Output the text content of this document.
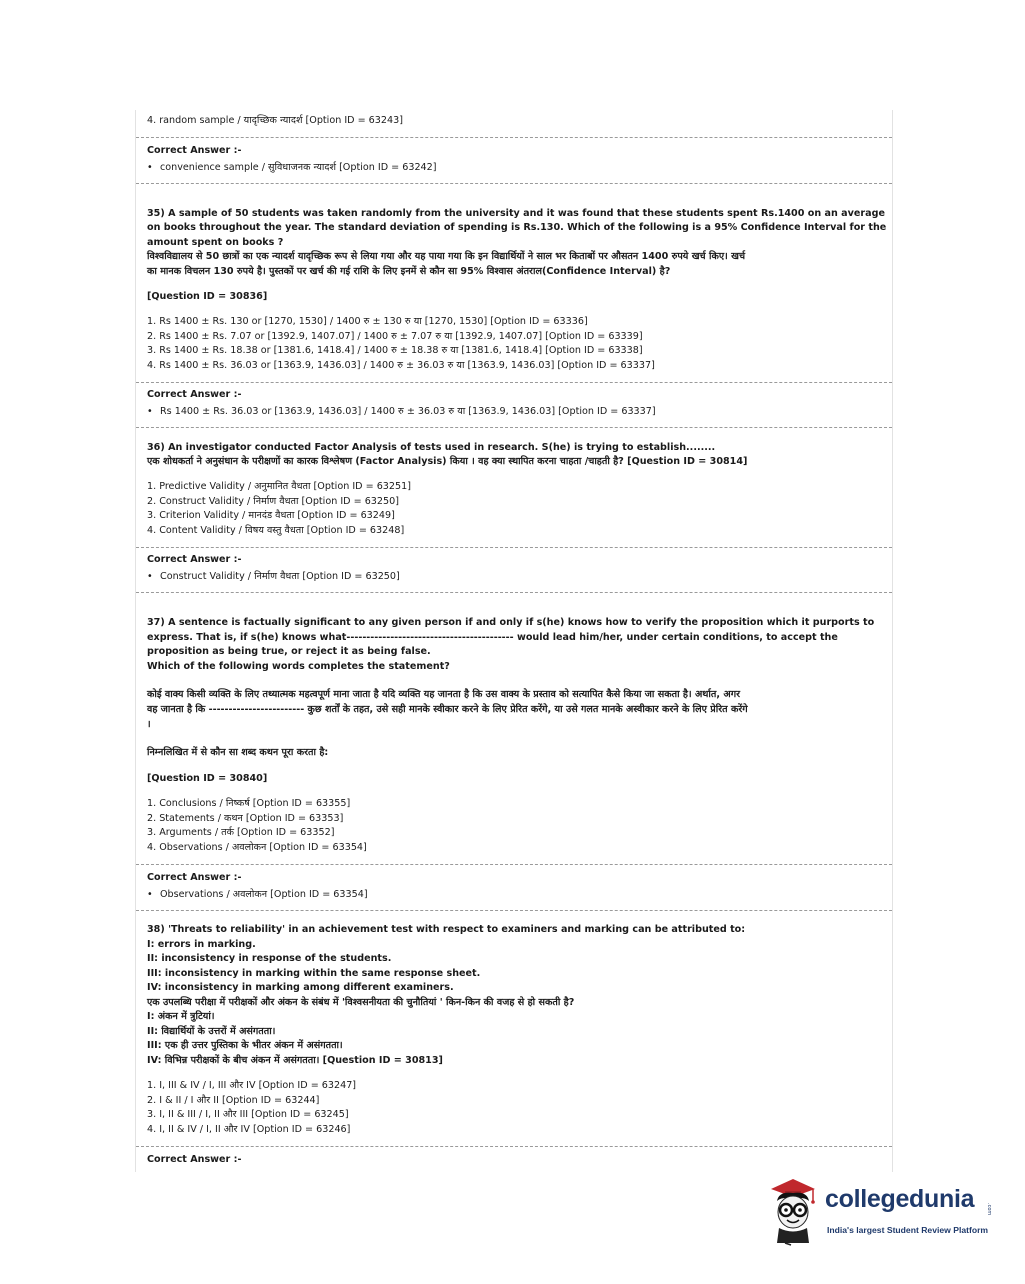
4. random sample / यादृच्छिक न्यादर्श [Option ID = 63243]
Correct Answer :-
• convenience sample / सुविधाजनक न्यादर्श [Option ID = 63242]
35) A sample of 50 students was taken randomly from the university and it was found that these students spent Rs.1400 on an average
on books throughout the year. The standard deviation of spending is Rs.130. Which of the following is a 95% Confidence Interval for the
amount spent on books ?
विश्वविद्यालय से 50 छात्रों का एक न्यादर्श यादृच्छिक रूप से लिया गया और यह पाया गया कि इन विद्यार्थियों ने साल भर किताबों पर औसतन 1400 रुपये खर्च किए। खर्च
का मानक विचलन 130 रुपये है। पुस्तकों पर खर्च की गई राशि के लिए इनमें से कौन सा 95% विश्वास अंतराल(Confidence Interval) है?
[Question ID = 30836]
1. Rs 1400 ± Rs. 130 or [1270, 1530] / 1400 रु ± 130 रु या [1270, 1530] [Option ID = 63336]
2. Rs 1400 ± Rs. 7.07 or [1392.9, 1407.07] / 1400 रु ± 7.07 रु या [1392.9, 1407.07] [Option ID = 63339]
3. Rs 1400 ± Rs. 18.38 or [1381.6, 1418.4] / 1400 रु ± 18.38 रु या [1381.6, 1418.4] [Option ID = 63338]
4. Rs 1400 ± Rs. 36.03 or [1363.9, 1436.03] / 1400 रु ± 36.03 रु या [1363.9, 1436.03] [Option ID = 63337]
Correct Answer :-
• Rs 1400 ± Rs. 36.03 or [1363.9, 1436.03] / 1400 रु ± 36.03 रु या [1363.9, 1436.03] [Option ID = 63337]
36) An investigator conducted Factor Analysis of tests used in research. S(he) is trying to establish........
एक शोधकर्ता ने अनुसंधान के परीक्षणों का कारक विश्लेषण (Factor Analysis) किया । वह क्या स्थापित करना चाहता /चाहती है? [Question ID = 30814]
1. Predictive Validity / अनुमानित वैधता [Option ID = 63251]
2. Construct Validity / निर्माण वैधता [Option ID = 63250]
3. Criterion Validity / मानदंड वैधता [Option ID = 63249]
4. Content Validity / विषय वस्तु वैधता [Option ID = 63248]
Correct Answer :-
• Construct Validity / निर्माण वैधता [Option ID = 63250]
37) A sentence is factually significant to any given person if and only if s(he) knows how to verify the proposition which it purports to
express. That is, if s(he) knows what------------------------------------------ would lead him/her, under certain conditions, to accept the
proposition as being true, or reject it as being false.
Which of the following words completes the statement?
कोई वाक्य किसी व्यक्ति के लिए तथ्यात्मक महत्वपूर्ण माना जाता है यदि व्यक्ति यह जानता है कि उस वाक्य के प्रस्ताव को सत्यापित कैसे किया जा सकता है। अर्थात, अगर
वह जानता है कि ------------------------ कुछ शर्तों के तहत, उसे सही मानके स्वीकार करने के लिए प्रेरित करेंगे, या उसे गलत मानके अस्वीकार करने के लिए प्रेरित करेंगे
।
निम्नलिखित में से कौन सा शब्द कथन पूरा करता है:
[Question ID = 30840]
1. Conclusions / निष्कर्ष [Option ID = 63355]
2. Statements / कथन [Option ID = 63353]
3. Arguments / तर्क [Option ID = 63352]
4. Observations / अवलोकन [Option ID = 63354]
Correct Answer :-
• Observations / अवलोकन [Option ID = 63354]
38) 'Threats to reliability' in an achievement test with respect to examiners and marking can be attributed to:
I: errors in marking.
II: inconsistency in response of the students.
III: inconsistency in marking within the same response sheet.
IV: inconsistency in marking among different examiners.
एक उपलब्धि परीक्षा में परीक्षकों और अंकन के संबंध में 'विश्वसनीयता की चुनौतियां ' किन-किन की वजह से हो सकती है?
I: अंकन में त्रुटियां।
II: विद्यार्थियों के उत्तरों में असंगतता।
III: एक ही उत्तर पुस्तिका के भीतर अंकन में असंगतता।
IV: विभिन्न परीक्षकों के बीच अंकन में असंगतता। [Question ID = 30813]
1. I, III & IV / I, III और IV [Option ID = 63247]
2. I & II / I और II [Option ID = 63244]
3. I, II & III / I, II और III [Option ID = 63245]
4. I, II & IV / I, II और IV [Option ID = 63246]
Correct Answer :-
collegedunia .com
India's largest Student Review Platform
